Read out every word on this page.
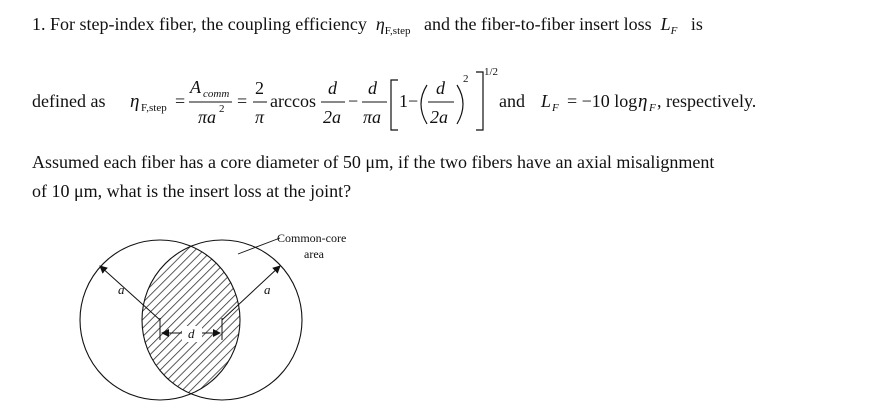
1. For step-index fiber, the coupling efficiency $\eta_{F,step}$ and the fiber-to-fiber insert loss $L_F$ is
defined as η F,step =
A comm
πa 2 =
2
π
arccos
d
2a
−
d
πa
1−
d
2a
2
1/2
and L F = −10 log η F , respectively.
Assumed each fiber has a core diameter of 50 μm, if the two fibers have an axial misalignment
of 10 μm, what is the insert loss at the joint?
a	a
d
Common-core
area
